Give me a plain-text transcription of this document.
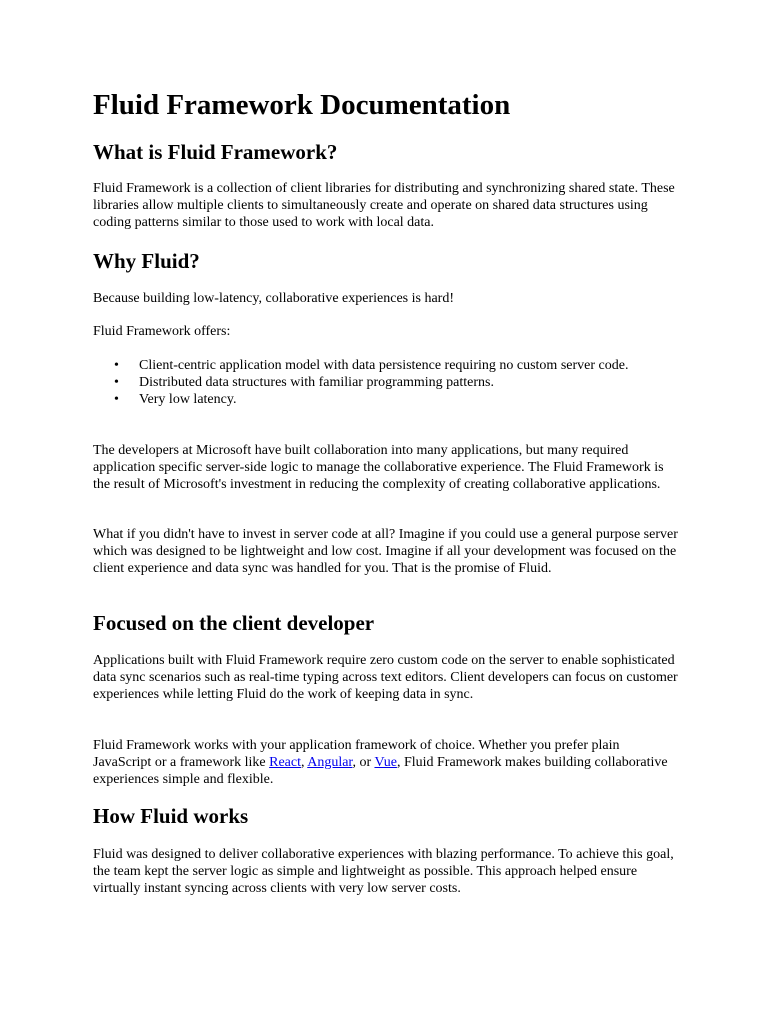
Fluid Framework Documentation
What is Fluid Framework?

Fluid Framework is a collection of client libraries for distributing and synchronizing shared state. These libraries allow multiple clients to simultaneously create and operate on shared data structures using coding patterns similar to those used to work with local data.

Why Fluid?

Because building low-latency, collaborative experiences is hard!

Fluid Framework offers:

• Client-centric application model with data persistence requiring no custom server code.
• Distributed data structures with familiar programming patterns.
• Very low latency.

The developers at Microsoft have built collaboration into many applications, but many required application specific server-side logic to manage the collaborative experience. The Fluid Framework is the result of Microsoft's investment in reducing the complexity of creating collaborative applications.

What if you didn't have to invest in server code at all? Imagine if you could use a general purpose server which was designed to be lightweight and low cost. Imagine if all your development was focused on the client experience and data sync was handled for you. That is the promise of Fluid.

Focused on the client developer

Applications built with Fluid Framework require zero custom code on the server to enable sophisticated data sync scenarios such as real-time typing across text editors. Client developers can focus on customer experiences while letting Fluid do the work of keeping data in sync.

Fluid Framework works with your application framework of choice. Whether you prefer plain JavaScript or a framework like React, Angular, or Vue, Fluid Framework makes building collaborative experiences simple and flexible.

How Fluid works

Fluid was designed to deliver collaborative experiences with blazing performance. To achieve this goal, the team kept the server logic as simple and lightweight as possible. This approach helped ensure virtually instant syncing across clients with very low server costs.
